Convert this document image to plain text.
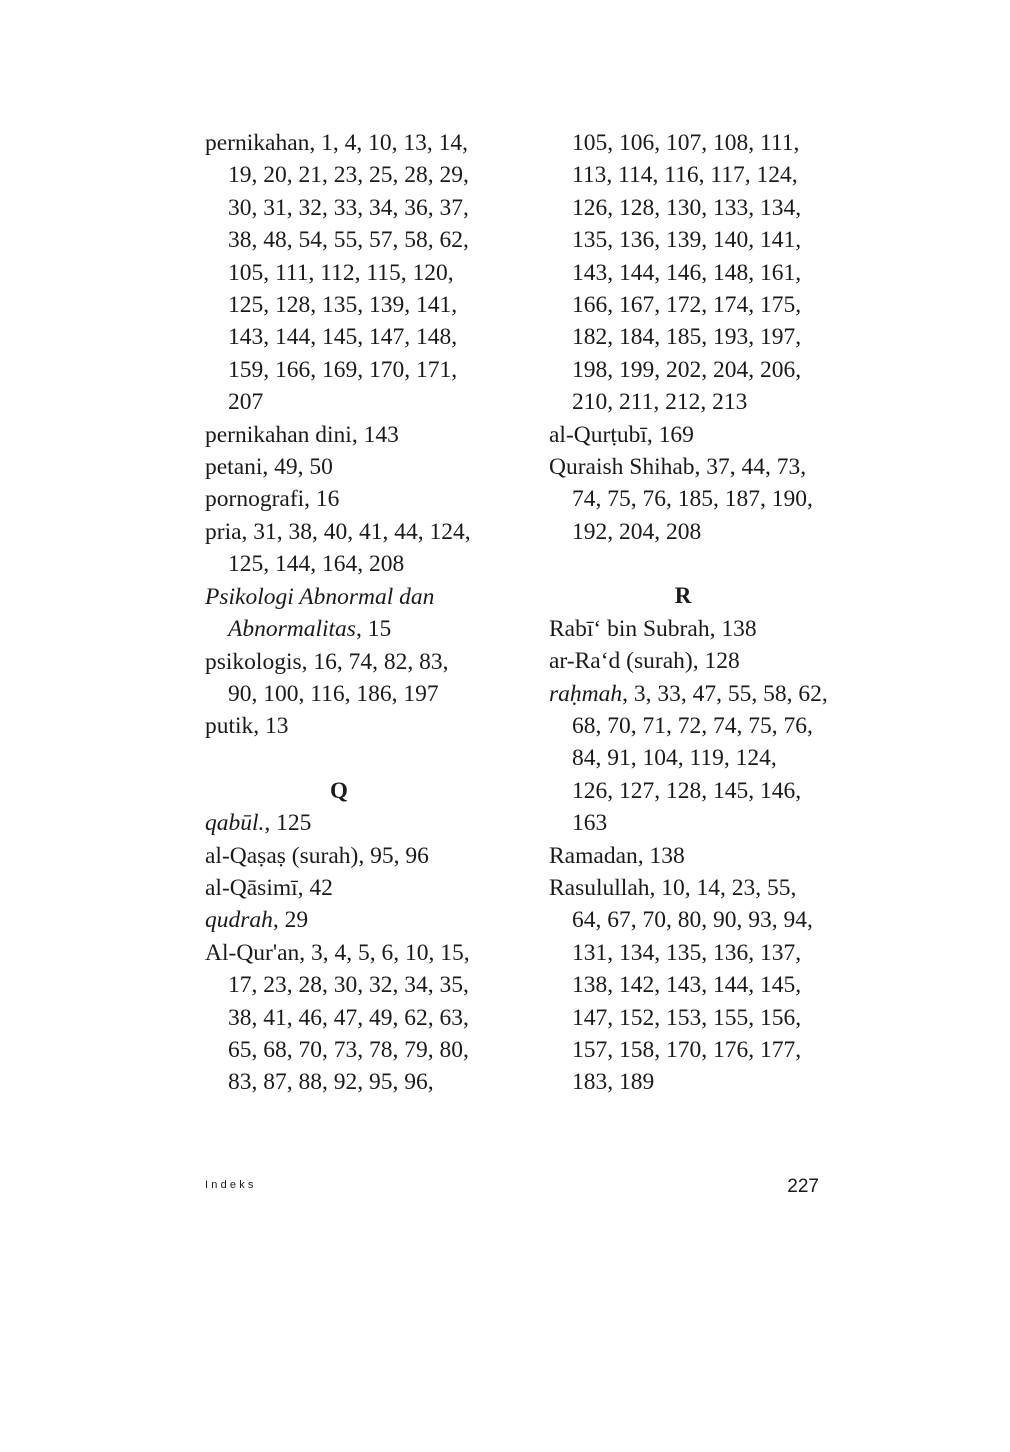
pernikahan, 1, 4, 10, 13, 14,

19, 20, 21, 23, 25, 28, 29,

30, 31, 32, 33, 34, 36, 37,

38, 48, 54, 55, 57, 58, 62,

105, 111, 112, 115, 120,

125, 128, 135, 139, 141,

143, 144, 145, 147, 148,

159, 166, 169, 170, 171,

207

pernikahan dini, 143

petani, 49, 50

pornografi, 16

pria, 31, 38, 40, 41, 44, 124,

125, 144, 164, 208

Psikologi Abnormal dan

Abnormalitas, 15

psikologis, 16, 74, 82, 83,

90, 100, 116, 186, 197

putik, 13

Q

qabūl., 125

al-Qaṣaṣ (surah), 95, 96

al-Qāsimī, 42

qudrah, 29

Al-Qur'an, 3, 4, 5, 6, 10, 15,

17, 23, 28, 30, 32, 34, 35,

38, 41, 46, 47, 49, 62, 63,

65, 68, 70, 73, 78, 79, 80,

83, 87, 88, 92, 95, 96,

105, 106, 107, 108, 111,

113, 114, 116, 117, 124,

126, 128, 130, 133, 134,

135, 136, 139, 140, 141,

143, 144, 146, 148, 161,

166, 167, 172, 174, 175,

182, 184, 185, 193, 197,

198, 199, 202, 204, 206,

210, 211, 212, 213

al-Qurṭubī, 169

Quraish Shihab, 37, 44, 73,

74, 75, 76, 185, 187, 190,

192, 204, 208

R

Rabī‘ bin Subrah, 138

ar-Ra‘d (surah), 128

raḥmah, 3, 33, 47, 55, 58, 62,

68, 70, 71, 72, 74, 75, 76,

84, 91, 104, 119, 124,

126, 127, 128, 145, 146,

163

Ramadan, 138

Rasulullah, 10, 14, 23, 55,

64, 67, 70, 80, 90, 93, 94,

131, 134, 135, 136, 137,

138, 142, 143, 144, 145,

147, 152, 153, 155, 156,

157, 158, 170, 176, 177,

183, 189

Indeks	227
